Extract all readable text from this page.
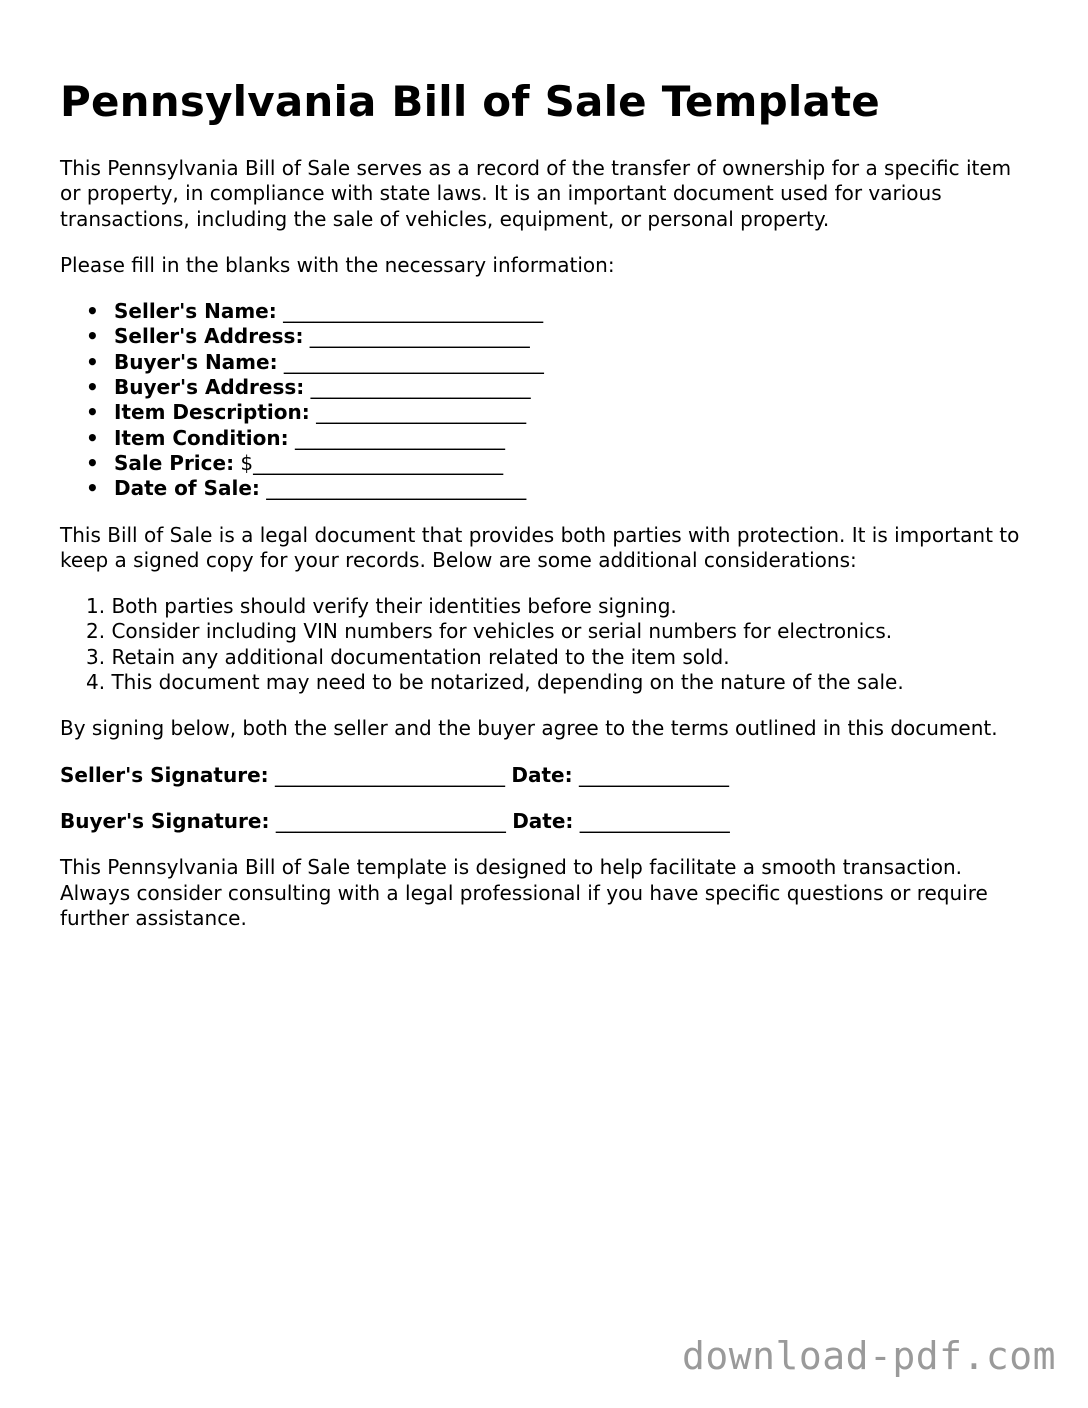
Pennsylvania Bill of Sale Template

This Pennsylvania Bill of Sale serves as a record of the transfer of ownership for a specific item or property, in compliance with state laws. It is an important document used for various transactions, including the sale of vehicles, equipment, or personal property.

Please fill in the blanks with the necessary information:

• Seller's Name: __________________________
• Seller's Address: ______________________
• Buyer's Name: __________________________
• Buyer's Address: ______________________
• Item Description: _____________________
• Item Condition: _____________________
• Sale Price: $_________________________
• Date of Sale: __________________________

This Bill of Sale is a legal document that provides both parties with protection. It is important to keep a signed copy for your records. Below are some additional considerations:

1. Both parties should verify their identities before signing.
2. Consider including VIN numbers for vehicles or serial numbers for electronics.
3. Retain any additional documentation related to the item sold.
4. This document may need to be notarized, depending on the nature of the sale.

By signing below, both the seller and the buyer agree to the terms outlined in this document.

Seller's Signature: _______________________ Date: _______________

Buyer's Signature: _______________________ Date: _______________

This Pennsylvania Bill of Sale template is designed to help facilitate a smooth transaction. Always consider consulting with a legal professional if you have specific questions or require further assistance.

download-pdf.com
